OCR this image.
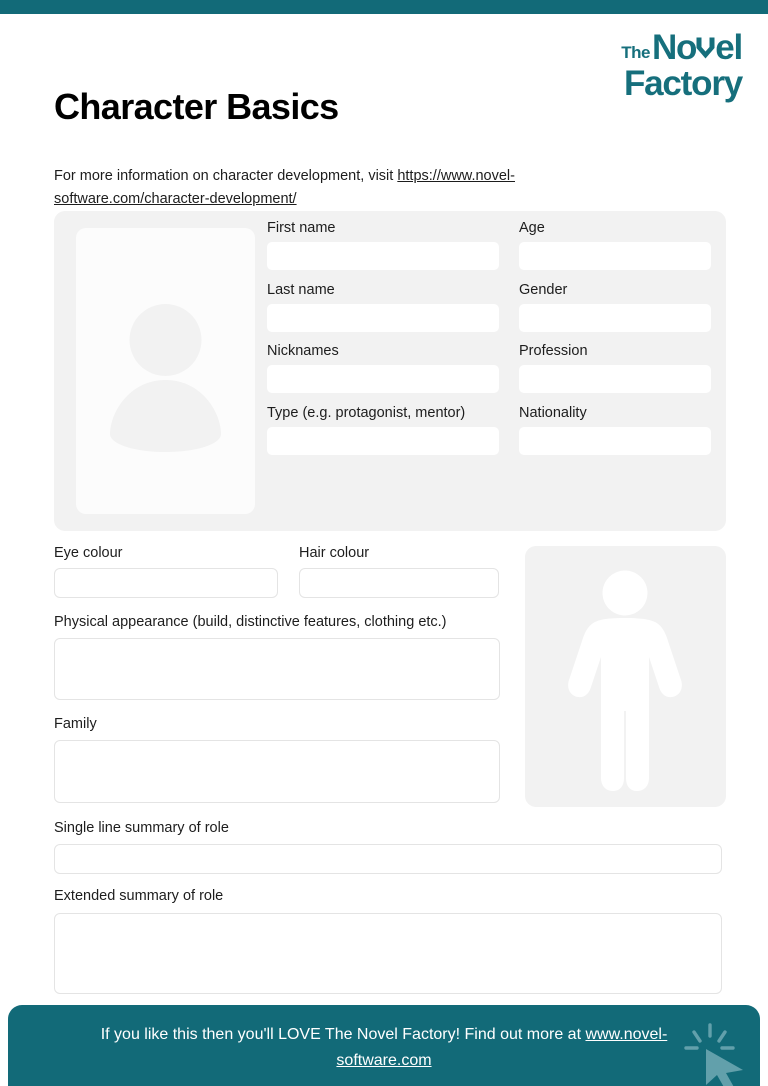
The No el
Factory
Character Basics

For more information on character development, visit https://www.novel-software.com/character-development/

First name
Last name
Nicknames
Type (e.g. protagonist, mentor)
Age
Gender
Profession
Nationality
Eye colour	Hair colour
Physical appearance (build, distinctive features, clothing etc.)
Family
Single line summary of role
Extended summary of role
If you like this then you'll LOVE The Novel Factory! Find out more at www.novel-software.com
